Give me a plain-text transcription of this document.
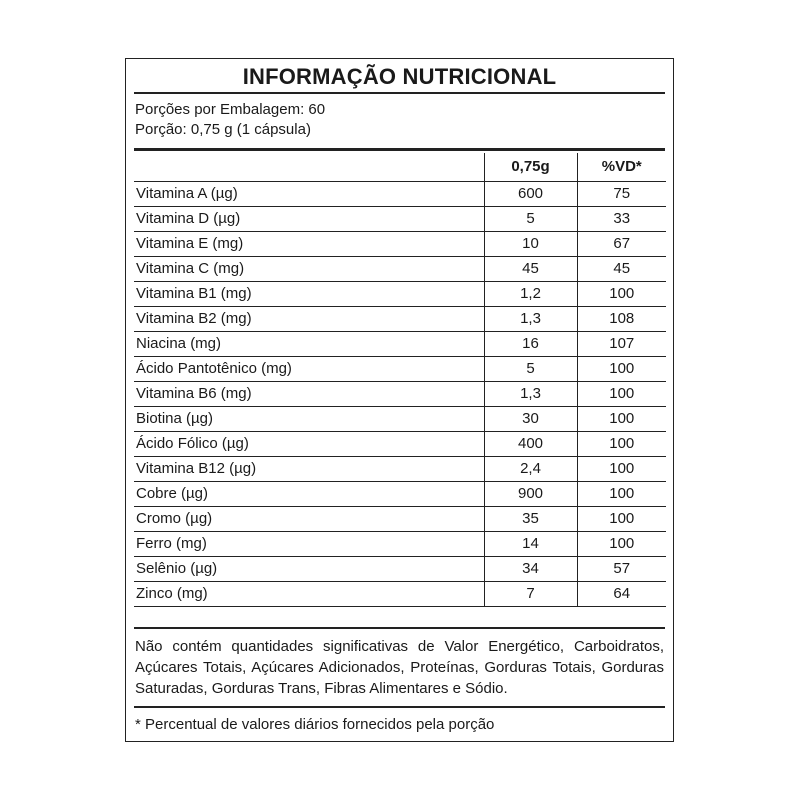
INFORMAÇÃO NUTRICIONAL
Porções por Embalagem: 60
Porção: 0,75 g (1 cápsula)
	0,75g	%VD*
Vitamina A (µg)	600	75
Vitamina D (µg)	5	33
Vitamina E (mg)	10	67
Vitamina C (mg)	45	45
Vitamina B1 (mg)	1,2	100
Vitamina B2 (mg)	1,3	108
Niacina (mg)	16	107
Ácido Pantotênico (mg)	5	100
Vitamina B6 (mg)	1,3	100
Biotina (µg)	30	100
Ácido Fólico (µg)	400	100
Vitamina B12 (µg)	2,4	100
Cobre (µg)	900	100
Cromo (µg)	35	100
Ferro (mg)	14	100
Selênio (µg)	34	57
Zinco (mg)	7	64
Não contém quantidades significativas de Valor Energético, Carboidratos, Açúcares Totais, Açúcares Adicionados, Proteínas, Gorduras Totais, Gorduras Saturadas, Gorduras Trans, Fibras Alimentares e Sódio.
* Percentual de valores diários fornecidos pela porção
